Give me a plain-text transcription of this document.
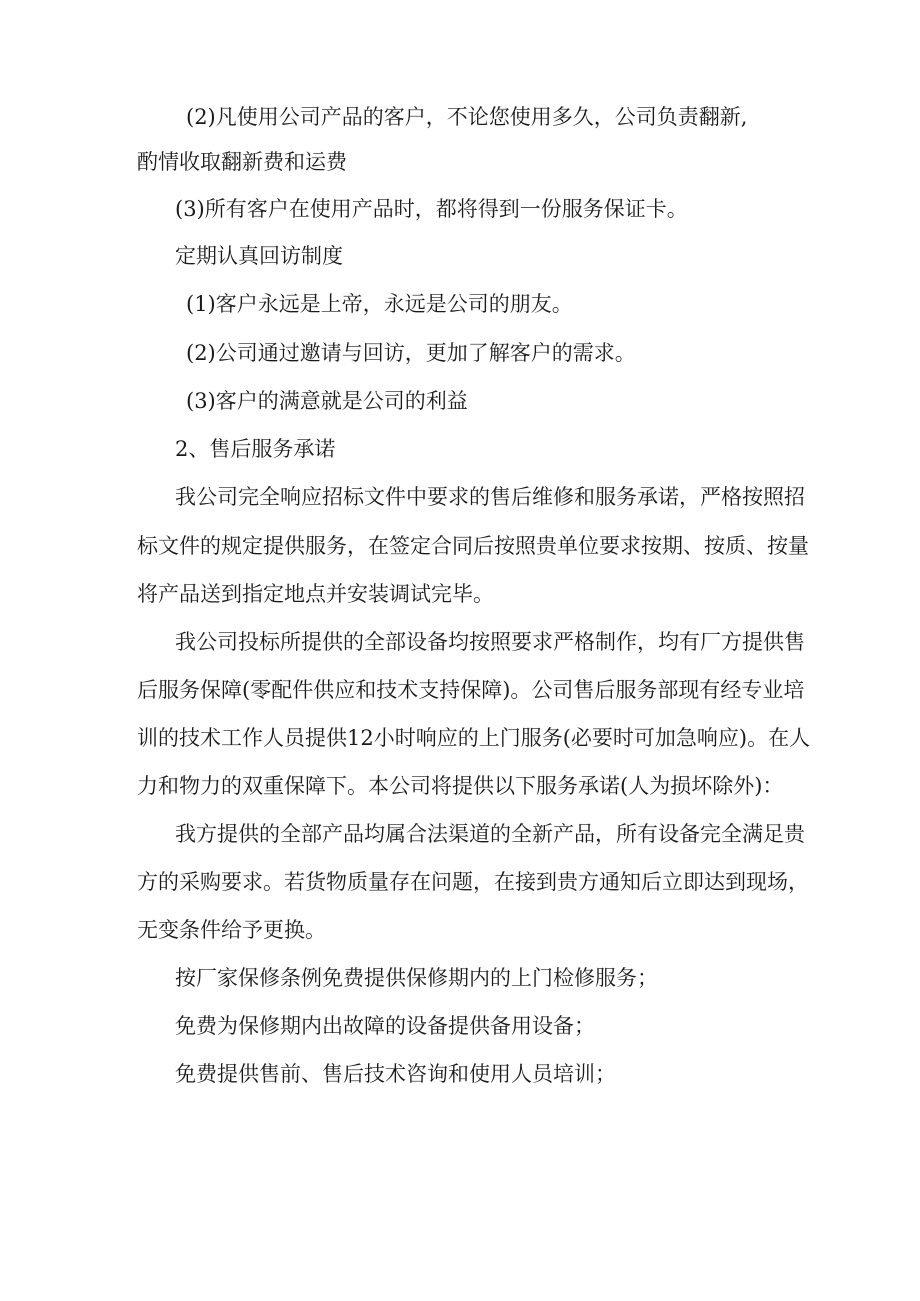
(2)凡使用公司产品的客户，不论您使用多久，公司负责翻新,
酌情收取翻新费和运费
(3)所有客户在使用产品时，都将得到一份服务保证卡。
定期认真回访制度
(1)客户永远是上帝，永远是公司的朋友。
(2)公司通过邀请与回访，更加了解客户的需求。
(3)客户的满意就是公司的利益
2、售后服务承诺
我公司完全响应招标文件中要求的售后维修和服务承诺，严格按照招
标文件的规定提供服务，在签定合同后按照贵单位要求按期、按质、按量
将产品送到指定地点并安装调试完毕。
我公司投标所提供的全部设备均按照要求严格制作，均有厂方提供售
后服务保障(零配件供应和技术支持保障)。公司售后服务部现有经专业培
训的技术工作人员提供12小时响应的上门服务(必要时可加急响应)。在人
力和物力的双重保障下。本公司将提供以下服务承诺(人为损坏除外)：
我方提供的全部产品均属合法渠道的全新产品，所有设备完全满足贵
方的采购要求。若货物质量存在问题，在接到贵方通知后立即达到现场，
无变条件给予更换。
按厂家保修条例免费提供保修期内的上门检修服务；
免费为保修期内出故障的设备提供备用设备；
免费提供售前、售后技术咨询和使用人员培训；
